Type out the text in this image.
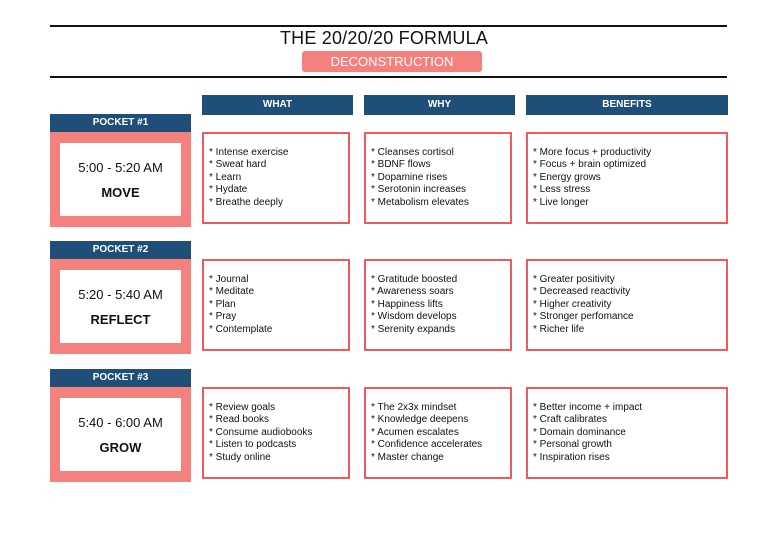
THE 20/20/20 FORMULA
DECONSTRUCTION
WHAT	WHY	BENEFITS
POCKET #1
5:00 - 5:20 AM
MOVE
* Intense exercise
* Sweat hard
* Learn
* Hydate
* Breathe deeply
* Cleanses cortisol
* BDNF flows
* Dopamine rises
* Serotonin increases
* Metabolism elevates
* More focus + productivity
* Focus + brain optimized
* Energy grows
* Less stress
* Live longer
POCKET #2
5:20 - 5:40 AM
REFLECT
* Journal
* Meditate
* Plan
* Pray
* Contemplate
* Gratitude boosted
* Awareness soars
* Happiness lifts
* Wisdom develops
* Serenity expands
* Greater positivity
* Decreased reactivity
* Higher creativity
* Stronger perfomance
* Richer life
POCKET #3
5:40 - 6:00 AM
GROW
* Review goals
* Read books
* Consume audiobooks
* Listen to podcasts
* Study online
* The 2x3x mindset
* Knowledge deepens
* Acumen escalates
* Confidence accelerates
* Master change
* Better income + impact
* Craft calibrates
* Domain dominance
* Personal growth
* Inspiration rises
